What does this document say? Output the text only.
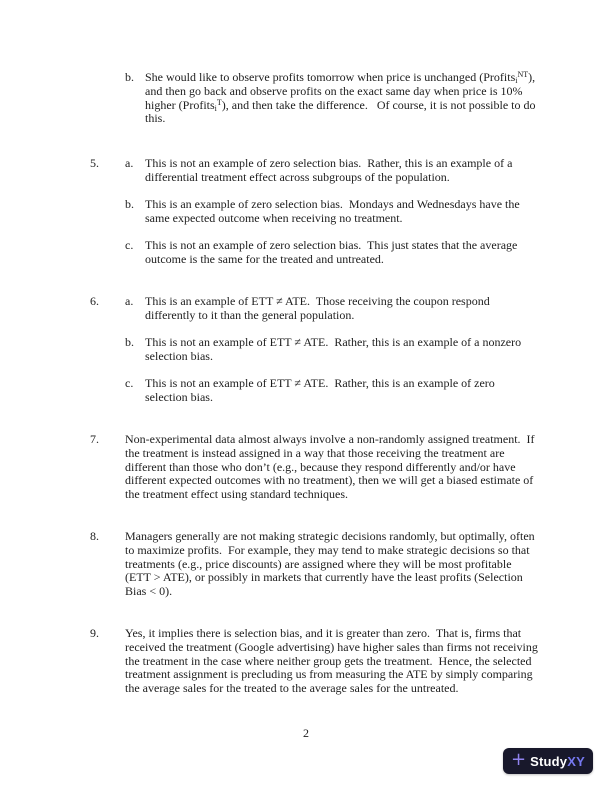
b. She would like to observe profits tomorrow when price is unchanged (Profits$_i^{NT}$),
and then go back and observe profits on the exact same day when price is 10%
higher (Profits$_i^T$), and then take the difference.   Of course, it is not possible to do
this.
5. a. This is not an example of zero selection bias.  Rather, this is an example of a
differential treatment effect across subgroups of the population.
b. This is an example of zero selection bias.  Mondays and Wednesdays have the
same expected outcome when receiving no treatment.
c. This is not an example of zero selection bias.  This just states that the average
outcome is the same for the treated and untreated.
6. a. This is an example of ETT ≠ ATE.  Those receiving the coupon respond
differently to it than the general population.
b. This is not an example of ETT ≠ ATE.  Rather, this is an example of a nonzero
selection bias.
c. This is not an example of ETT ≠ ATE.  Rather, this is an example of zero
selection bias.
7. Non-experimental data almost always involve a non-randomly assigned treatment.  If
the treatment is instead assigned in a way that those receiving the treatment are
different than those who don’t (e.g., because they respond differently and/or have
different expected outcomes with no treatment), then we will get a biased estimate of
the treatment effect using standard techniques.
8. Managers generally are not making strategic decisions randomly, but optimally, often
to maximize profits.  For example, they may tend to make strategic decisions so that
treatments (e.g., price discounts) are assigned where they will be most profitable
(ETT > ATE), or possibly in markets that currently have the least profits (Selection
Bias < 0).
9. Yes, it implies there is selection bias, and it is greater than zero.  That is, firms that
received the treatment (Google advertising) have higher sales than firms not receiving
the treatment in the case where neither group gets the treatment.  Hence, the selected
treatment assignment is precluding us from measuring the ATE by simply comparing
the average sales for the treated to the average sales for the untreated.
2
+ Study XY
